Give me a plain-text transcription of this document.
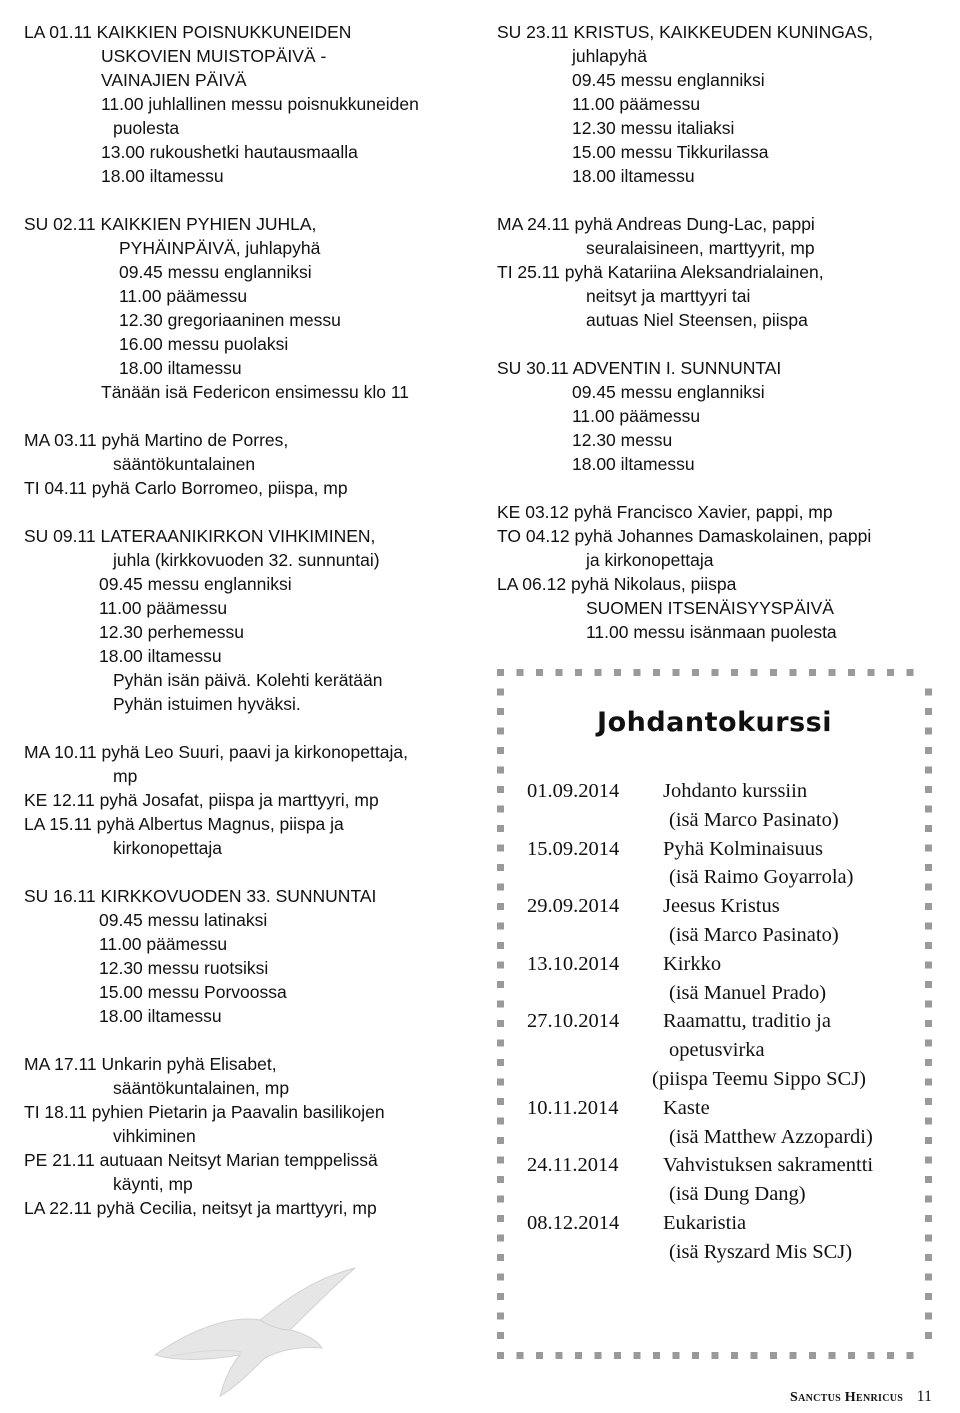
LA 01.11 KAIKKIEN POISNUKKUNEIDEN
USKOVIEN MUISTOPÄIVÄ -
VAINAJIEN PÄIVÄ
11.00 juhlallinen messu poisnukkuneiden
puolesta
13.00 rukoushetki hautausmaalla
18.00 iltamessu
SU 02.11 KAIKKIEN PYHIEN JUHLA,
PYHÄINPÄIVÄ, juhlapyhä
09.45 messu englanniksi
11.00 päämessu
12.30 gregoriaaninen messu
16.00 messu puolaksi
18.00 iltamessu
Tänään isä Federicon ensimessu klo 11
MA 03.11 pyhä Martino de Porres,
sääntökuntalainen
TI 04.11 pyhä Carlo Borromeo, piispa, mp
SU 09.11 LATERAANIKIRKON VIHKIMINEN,
juhla (kirkkovuoden 32. sunnuntai)
09.45 messu englanniksi
11.00 päämessu
12.30 perhemessu
18.00 iltamessu
Pyhän isän päivä. Kolehti kerätään
Pyhän istuimen hyväksi.
MA 10.11 pyhä Leo Suuri, paavi ja kirkonopettaja,
mp
KE 12.11 pyhä Josafat, piispa ja marttyyri, mp
LA 15.11 pyhä Albertus Magnus, piispa ja
kirkonopettaja
SU 16.11 KIRKKOVUODEN 33. SUNNUNTAI
09.45 messu latinaksi
11.00 päämessu
12.30 messu ruotsiksi
15.00 messu Porvoossa
18.00 iltamessu
MA 17.11 Unkarin pyhä Elisabet,
sääntökuntalainen, mp
TI 18.11 pyhien Pietarin ja Paavalin basilikojen
vihkiminen
PE 21.11 autuaan Neitsyt Marian temppelissä
käynti, mp
LA 22.11 pyhä Cecilia, neitsyt ja marttyyri, mp
SU 23.11 KRISTUS, KAIKKEUDEN KUNINGAS,
juhlapyhä
09.45 messu englanniksi
11.00 päämessu
12.30 messu italiaksi
15.00 messu Tikkurilassa
18.00 iltamessu
MA 24.11 pyhä Andreas Dung-Lac, pappi
seuralaisineen, marttyyrit, mp
TI 25.11 pyhä Katariina Aleksandrialainen,
neitsyt ja marttyyri tai
autuas Niel Steensen, piispa
SU 30.11 ADVENTIN I. SUNNUNTAI
09.45 messu englanniksi
11.00 päämessu
12.30 messu
18.00 iltamessu
KE 03.12 pyhä Francisco Xavier, pappi, mp
TO 04.12 pyhä Johannes Damaskolainen, pappi
ja kirkonopettaja
LA 06.12 pyhä Nikolaus, piispa
SUOMEN ITSENÄISYYSPÄIVÄ
11.00 messu isänmaan puolesta
Johdantokurssi
01.09.2014 Johdanto kurssiin
(isä Marco Pasinato)
15.09.2014 Pyhä Kolminaisuus
(isä Raimo Goyarrola)
29.09.2014 Jeesus Kristus
(isä Marco Pasinato)
13.10.2014 Kirkko
(isä Manuel Prado)
27.10.2014 Raamattu, traditio ja
opetusvirka
(piispa Teemu Sippo SCJ)
10.11.2014 Kaste
(isä Matthew Azzopardi)
24.11.2014 Vahvistuksen sakramentti
(isä Dung Dang)
08.12.2014 Eukaristia
(isä Ryszard Mis SCJ)
Sanctus Henricus 11
